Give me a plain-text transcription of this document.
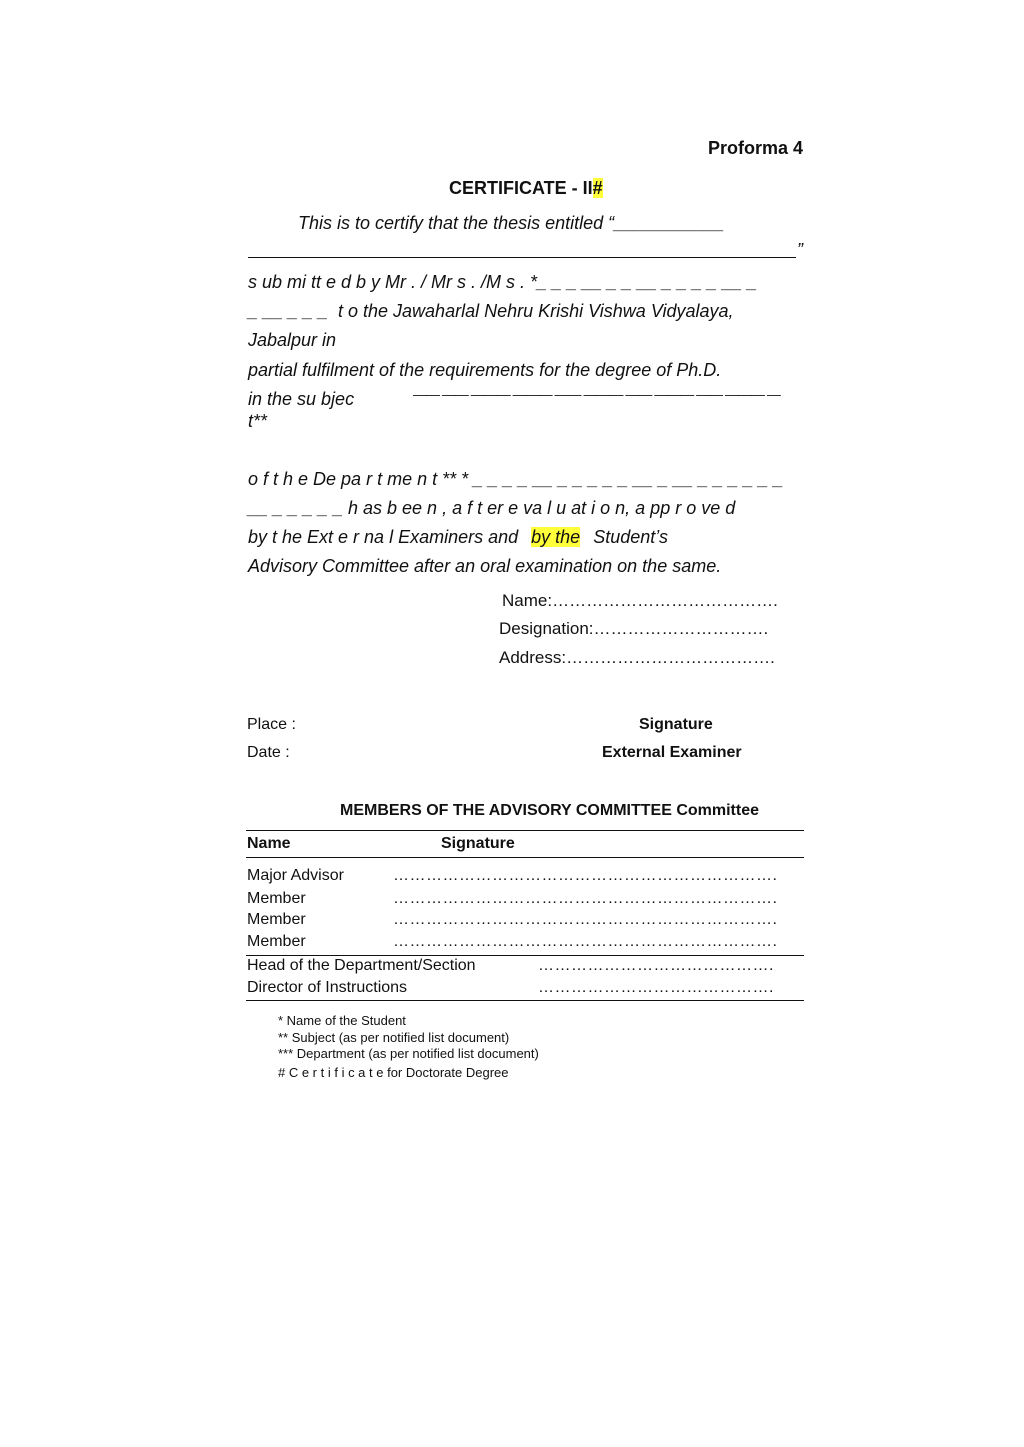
Proforma 4
CERTIFICATE - II#
This is to certify that the thesis entitled “___________
”
s ub mi tt e d b y Mr . / Mr s . /M s . *_ _ _ __ _ _ __ _ _ _ _ __ _
_ __ _ _ _ t o the Jawaharlal Nehru Krishi Vishwa Vidyalaya,
Jabalpur in
partial fulfilment of the requirements for the degree of Ph.D.
in the su bjec	—— —— ——— ——— —— ——— —— ——— —— ——— —
t**
o f t h e De pa r t me n t ** * _ _ _ _ __ _ _ _ _ _ __ _ __ _ _ _ _ _ _
__ _ _ _ _ _ h as b ee n , a f t er e va l u at i o n, a pp r o ve d
by t he Ext e r na l Examiners and by the Student’s
Advisory Committee after an oral examination on the same.
Name:………………………………….
Designation:………………………….
Address:……………………………….
Place :
Date :
Signature
External Examiner
MEMBERS OF THE ADVISORY COMMITTEE Committee
Name	Signature
Major Advisor	…………………………………………………………….
Member	…………………………………………………………….
Member	…………………………………………………………….
Member	…………………………………………………………….
Head of the Department/Section	…………………………………….
Director of Instructions	…………………………………….
* Name of the Student
** Subject (as per notified list document)
*** Department (as per notified list document)
# C e r t i f i c a t e for Doctorate Degree
